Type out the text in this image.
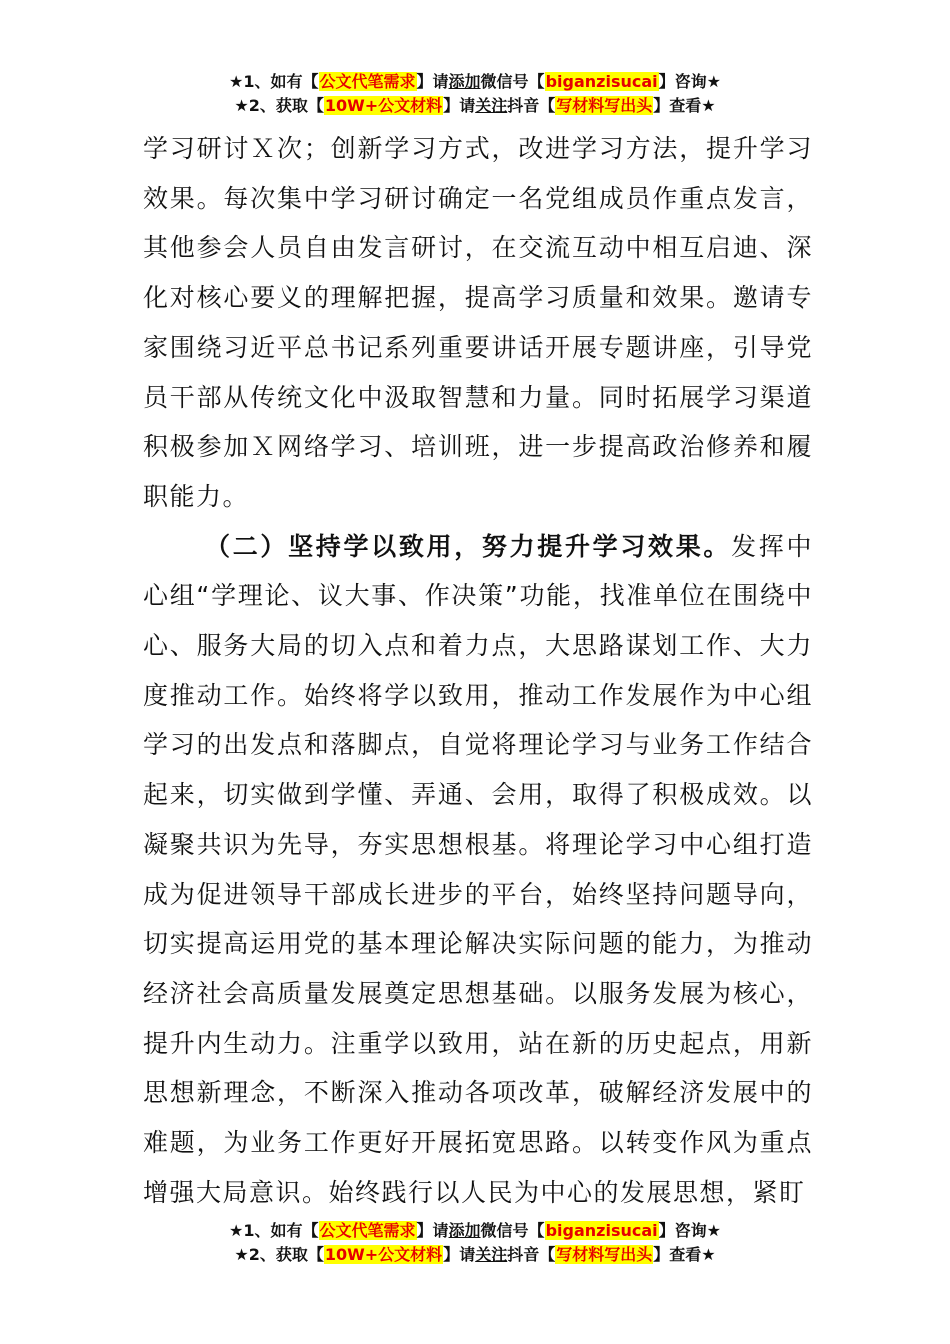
★1、如有【公文代笔需求】请添加微信号【biganzisucai】咨询★
★2、获取【10W+公文材料】请关注抖音【写材料写出头】查看★

学习研讨Ｘ次；创新学习方式，改进学习方法，提升学习效果。每次集中学习研讨确定一名党组成员作重点发言，其他参会人员自由发言研讨，在交流互动中相互启迪、深化对核心要义的理解把握，提高学习质量和效果。邀请专家围绕习近平总书记系列重要讲话开展专题讲座，引导党员干部从传统文化中汲取智慧和力量。同时拓展学习渠道积极参加Ｘ网络学习、培训班，进一步提高政治修养和履职能力。

（二）坚持学以致用，努力提升学习效果。发挥中心组“学理论、议大事、作决策”功能，找准单位在围绕中心、服务大局的切入点和着力点，大思路谋划工作、大力度推动工作。始终将学以致用，推动工作发展作为中心组学习的出发点和落脚点，自觉将理论学习与业务工作结合起来，切实做到学懂、弄通、会用，取得了积极成效。以凝聚共识为先导，夯实思想根基。将理论学习中心组打造成为促进领导干部成长进步的平台，始终坚持问题导向，切实提高运用党的基本理论解决实际问题的能力，为推动经济社会高质量发展奠定思想基础。以服务发展为核心，提升内生动力。注重学以致用，站在新的历史起点，用新思想新理念，不断深入推动各项改革，破解经济发展中的难题，为业务工作更好开展拓宽思路。以转变作风为重点增强大局意识。始终践行以人民为中心的发展思想，紧盯

★1、如有【公文代笔需求】请添加微信号【biganzisucai】咨询★
★2、获取【10W+公文材料】请关注抖音【写材料写出头】查看★
